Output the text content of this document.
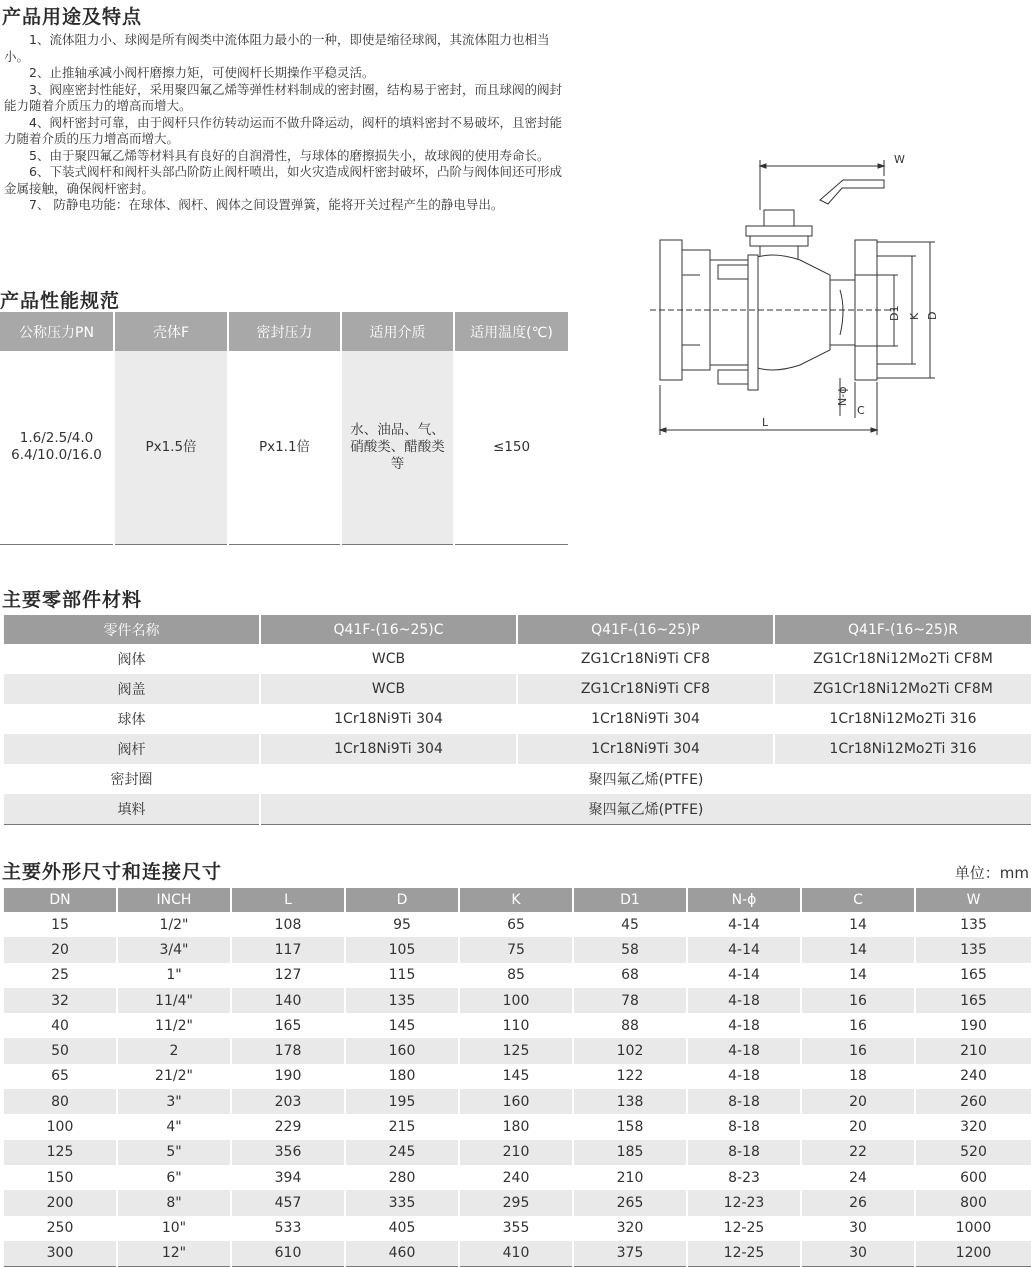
产品用途及特点

1、流体阻力小、球阀是所有阀类中流体阻力最小的一种，即使是缩径球阀，其流体阻力也相当小。

2、止推轴承减小阀杆磨擦力矩，可使阀杆长期操作平稳灵活。

3、阀座密封性能好，采用聚四氟乙烯等弹性材料制成的密封圈，结构易于密封，而且球阀的阀封能力随着介质压力的增高而增大。

4、阀杆密封可靠，由于阀杆只作彷转动运而不做升降运动，阀杆的填料密封不易破坏，且密封能力随着介质的压力增高而增大。

5、由于聚四氟乙烯等材料具有良好的自润滑性，与球体的磨擦损失小，故球阀的使用寿命长。

6、下装式阀杆和阀杆头部凸阶防止阀杆喷出，如火灾造成阀杆密封破坏，凸阶与阀体间还可形成金属接触，确保阀杆密封。

7、 防静电功能：在球体、阀杆、阀体之间设置弹簧，能将开关过程产生的静电导出。

产品性能规范
公称压力PN	壳体F	密封压力	适用介质	适用温度(℃)

1.6/2.5/4.0
6.4/10.0/16.0	Px1.5倍	Px1.1倍	水、油品、气、硝酸类、醋酸类等	≤150
W
L
D
K
D1
N-ϕ
C
主要零部件材料
零件名称	Q41F-(16~25)C	Q41F-(16~25)P	Q41F-(16~25)R
阀体	WCB	ZG1Cr18Ni9Ti CF8	ZG1Cr18Ni12Mo2Ti CF8M
阀盖	WCB	ZG1Cr18Ni9Ti CF8	ZG1Cr18Ni12Mo2Ti CF8M
球体	1Cr18Ni9Ti 304	1Cr18Ni9Ti 304	1Cr18Ni12Mo2Ti 316
阀杆	1Cr18Ni9Ti 304	1Cr18Ni9Ti 304	1Cr18Ni12Mo2Ti 316
密封圈	聚四氟乙烯(PTFE)		
填料	聚四氟乙烯(PTFE)		
主要外形尺寸和连接尺寸	单位：mm
DN	INCH	L	D	K	D1	N-ϕ	C	W
15	1/2"	108	95	65	45	4-14	14	135
20	3/4"	117	105	75	58	4-14	14	135
25	1"	127	115	85	68	4-14	14	165
32	11/4"	140	135	100	78	4-18	16	165
40	11/2"	165	145	110	88	4-18	16	190
50	2	178	160	125	102	4-18	16	210
65	21/2"	190	180	145	122	4-18	18	240
80	3"	203	195	160	138	8-18	20	260
100	4"	229	215	180	158	8-18	20	320
125	5"	356	245	210	185	8-18	22	520
150	6"	394	280	240	210	8-23	24	600
200	8"	457	335	295	265	12-23	26	800
250	10"	533	405	355	320	12-25	30	1000
300	12"	610	460	410	375	12-25	30	1200
